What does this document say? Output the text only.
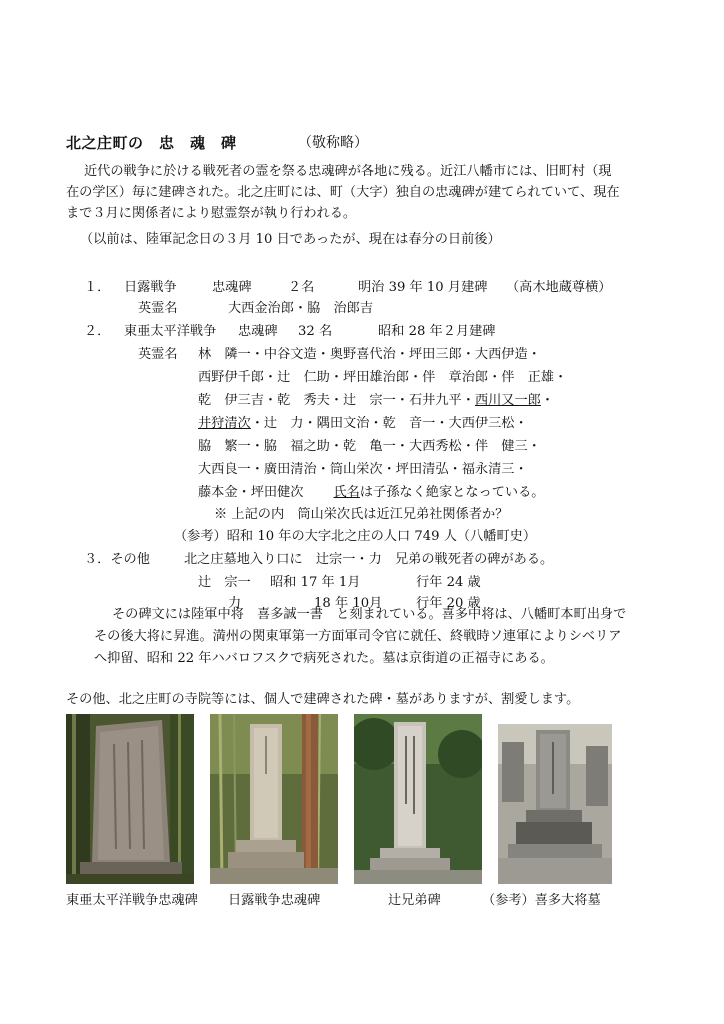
北之庄町の　忠　魂　碑	（敬称略）
近代の戦争に於ける戦死者の霊を祭る忠魂碑が各地に残る。近江八幡市には、旧町村（現
在の学区）毎に建碑された。北之庄町には、町（大字）独自の忠魂碑が建てられていて、現在
まで３月に関係者により慰霊祭が執り行われる。
（以前は、陸軍記念日の３月 10 日であったが、現在は春分の日前後）
１． 日露戦争	忠魂碑	２名	明治 39 年 10 月建碑 （高木地蔵尊横）
英霊名	大西金治郎・脇　治郎吉
２． 東亜太平洋戦争 忠魂碑 32 名	昭和 28 年２月建碑
英霊名 林　隣一・中谷文造・奥野喜代治・坪田三郎・大西伊造・
西野伊千郎・辻　仁助・坪田雄治郎・伴　章治郎・伴　正雄・
乾　伊三吉・乾　秀夫・辻　宗一・石井九平・西川又一郎・
井狩清次・辻　力・隅田文治・乾　音一・大西伊三松・
脇　繁一・脇　福之助・乾　亀一・大西秀松・伴　健三・
大西良一・廣田清治・筒山栄次・坪田清弘・福永清三・
藤本金・坪田健次 氏名は子孫なく絶家となっている。
※ 上記の内　筒山栄次氏は近江兄弟社関係者か？
（参考）昭和 10 年の大字北之庄の人口 749 人（八幡町史）
３．その他	北之庄墓地入り口に　辻宗一・力　兄弟の戦死者の碑がある。
辻　宗一 昭和 17 年 1月	行年 24 歳
力	18 年 10月	行年 20 歳
その碑文には陸軍中将　喜多誠一書　と刻まれている。喜多中将は、八幡町本町出身で
その後大将に昇進。満州の関東軍第一方面軍司令官に就任、終戦時ソ連軍によりシベリア
へ抑留、昭和 22 年ハバロフスクで病死された。墓は京街道の正福寺にある。
その他、北之庄町の寺院等には、個人で建碑された碑・墓がありますが、割愛します。
東亜太平洋戦争忠魂碑 日露戦争忠魂碑	辻兄弟碑	（参考）喜多大将墓
